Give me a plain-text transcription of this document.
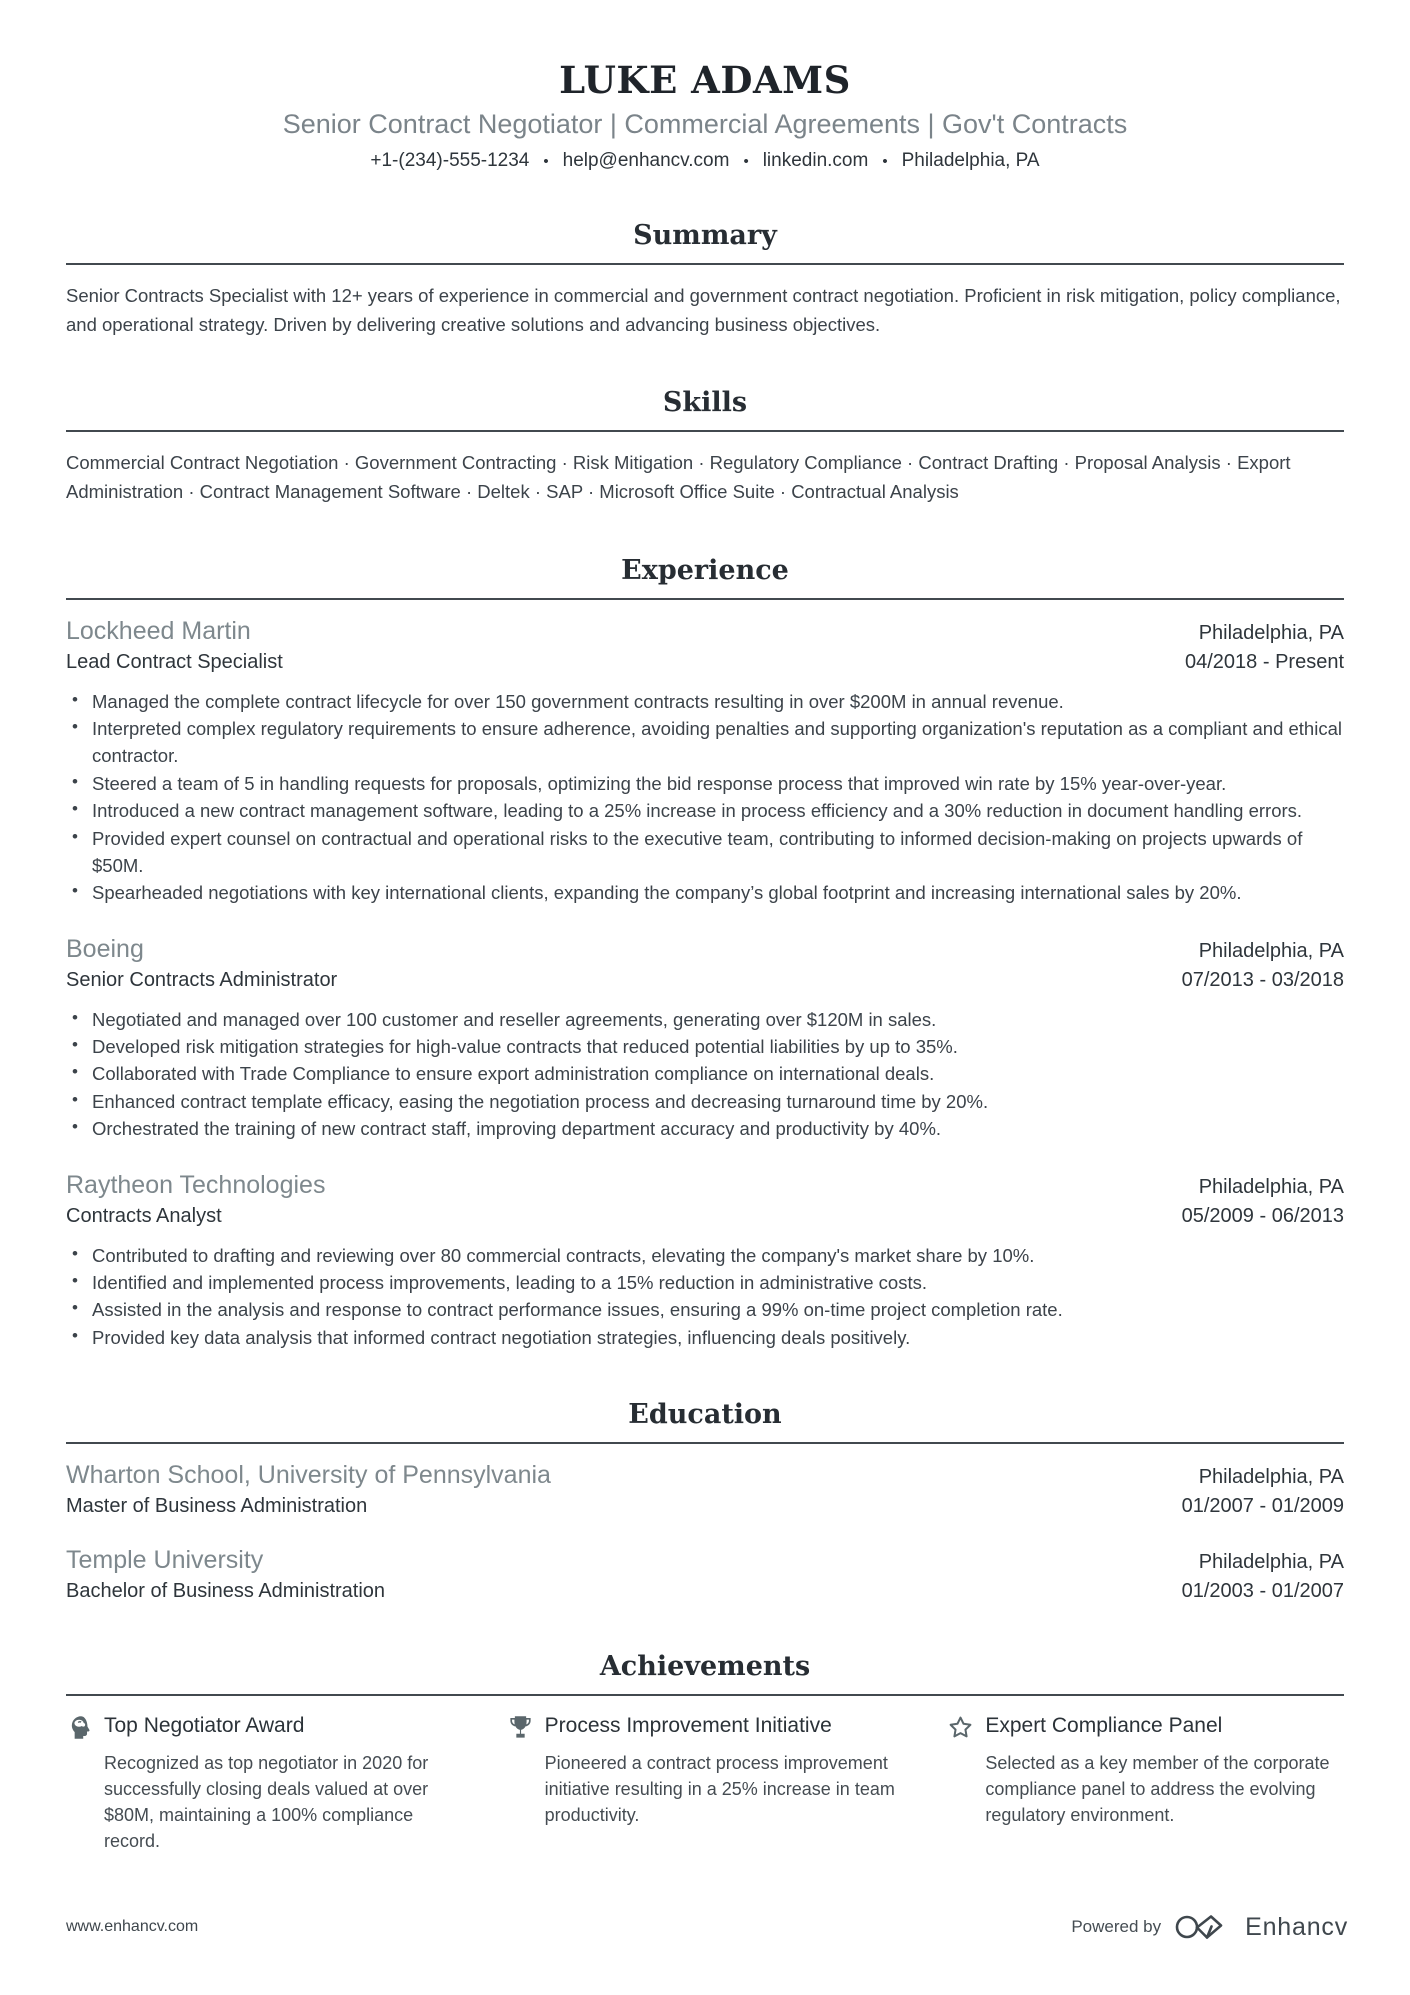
LUKE ADAMS
Senior Contract Negotiator | Commercial Agreements | Gov't Contracts
+1-(234)-555-1234	• help@enhancv.com	• linkedin.com	• Philadelphia, PA
Summary
Senior Contracts Specialist with 12+ years of experience in commercial and government contract negotiation. Proficient in risk mitigation, policy compliance, and operational strategy. Driven by delivering creative solutions and advancing business objectives.
Skills
Commercial Contract Negotiation · Government Contracting · Risk Mitigation · Regulatory Compliance · Contract Drafting · Proposal Analysis · Export Administration · Contract Management Software · Deltek · SAP · Microsoft Office Suite · Contractual Analysis
Experience
Lockheed Martin	Philadelphia, PA
Lead Contract Specialist	04/2018 - Present
• Managed the complete contract lifecycle for over 150 government contracts resulting in over $200M in annual revenue.
• Interpreted complex regulatory requirements to ensure adherence, avoiding penalties and supporting organization's reputation as a compliant and ethical contractor.
• Steered a team of 5 in handling requests for proposals, optimizing the bid response process that improved win rate by 15% year-over-year.
• Introduced a new contract management software, leading to a 25% increase in process efficiency and a 30% reduction in document handling errors.
• Provided expert counsel on contractual and operational risks to the executive team, contributing to informed decision-making on projects upwards of $50M.
• Spearheaded negotiations with key international clients, expanding the company’s global footprint and increasing international sales by 20%.
Boeing	Philadelphia, PA
Senior Contracts Administrator	07/2013 - 03/2018
• Negotiated and managed over 100 customer and reseller agreements, generating over $120M in sales.
• Developed risk mitigation strategies for high-value contracts that reduced potential liabilities by up to 35%.
• Collaborated with Trade Compliance to ensure export administration compliance on international deals.
• Enhanced contract template efficacy, easing the negotiation process and decreasing turnaround time by 20%.
• Orchestrated the training of new contract staff, improving department accuracy and productivity by 40%.
Raytheon Technologies	Philadelphia, PA
Contracts Analyst	05/2009 - 06/2013
• Contributed to drafting and reviewing over 80 commercial contracts, elevating the company's market share by 10%.
• Identified and implemented process improvements, leading to a 15% reduction in administrative costs.
• Assisted in the analysis and response to contract performance issues, ensuring a 99% on-time project completion rate.
• Provided key data analysis that informed contract negotiation strategies, influencing deals positively.
Education
Wharton School, University of Pennsylvania	Philadelphia, PA
Master of Business Administration	01/2007 - 01/2009
Temple University	Philadelphia, PA
Bachelor of Business Administration	01/2003 - 01/2007
Achievements
Top Negotiator Award
Recognized as top negotiator in 2020 for successfully closing deals valued at over $80M, maintaining a 100% compliance record.
Process Improvement Initiative
Pioneered a contract process improvement initiative resulting in a 25% increase in team productivity.
Expert Compliance Panel
Selected as a key member of the corporate compliance panel to address the evolving regulatory environment.
www.enhancv.com	Powered by	Enhancv
